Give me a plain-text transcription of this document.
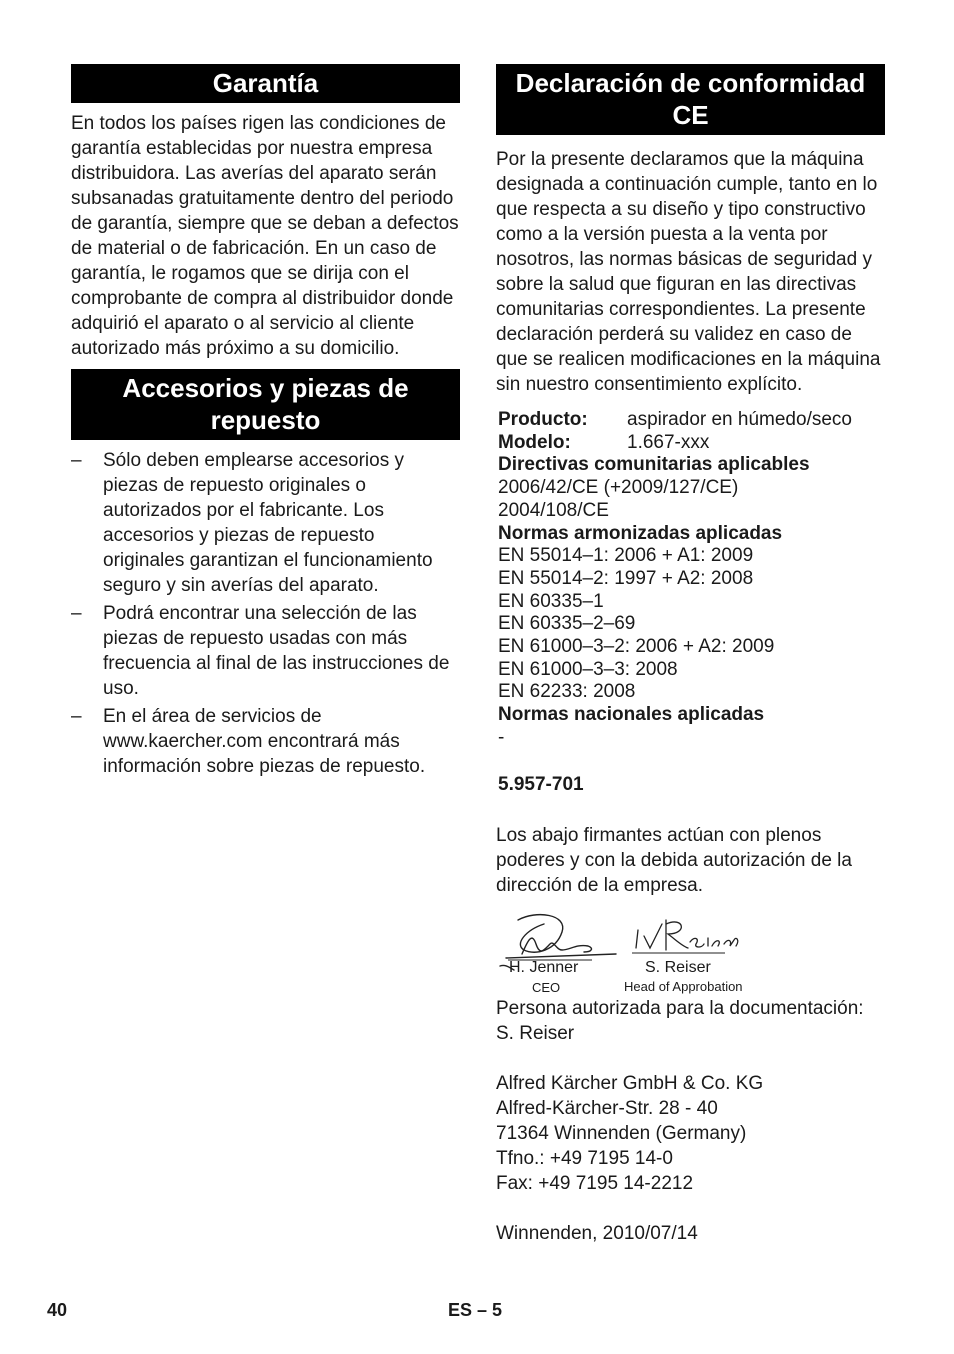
Garantía

En todos los países rigen las condiciones de garantía establecidas por nuestra empresa distribuidora. Las averías del aparato serán subsanadas gratuitamente dentro del periodo de garantía, siempre que se deban a defectos de material o de fabricación. En un caso de garantía, le rogamos que se dirija con el comprobante de compra al distribuidor donde adquirió el aparato o al servicio al cliente autorizado más próximo a su domicilio.

Accesorios y piezas de
repuesto
– Sólo deben emplearse accesorios y piezas de repuesto originales o autorizados por el fabricante. Los accesorios y piezas de repuesto originales garantizan el funcionamiento seguro y sin averías del aparato.
– Podrá encontrar una selección de las piezas de repuesto usadas con más frecuencia al final de las instrucciones de uso.
– En el área de servicios de www.kaercher.com encontrará más información sobre piezas de repuesto.
Declaración de conformidad
CE

Por la presente declaramos que la máquina designada a continuación cumple, tanto en lo que respecta a su diseño y tipo constructivo como a la versión puesta a la venta por nosotros, las normas básicas de seguridad y sobre la salud que figuran en las directivas comunitarias correspondientes. La presente declaración perderá su validez en caso de que se realicen modificaciones en la máquina sin nuestro consentimiento explícito.

Producto:	aspirador en húmedo/seco
Modelo:	1.667-xxx
Directivas comunitarias aplicables
2006/42/CE (+2009/127/CE)
2004/108/CE
Normas armonizadas aplicadas
EN 55014–1: 2006 + A1: 2009
EN 55014–2: 1997 + A2: 2008
EN 60335–1
EN 60335–2–69
EN 61000–3–2: 2006 + A2: 2009
EN 61000–3–3: 2008
EN 62233: 2008
Normas nacionales aplicadas
-
5.957-701

Los abajo firmantes actúan con plenos poderes y con la debida autorización de la dirección de la empresa.

H. Jenner
CEO
S. Reiser
Head of Approbation
Persona autorizada para la documentación:
S. Reiser
Alfred Kärcher GmbH & Co. KG
Alfred-Kärcher-Str. 28 - 40
71364 Winnenden (Germany)
Tfno.: +49 7195 14-0
Fax: +49 7195 14-2212
Winnenden, 2010/07/14
40	ES – 5
